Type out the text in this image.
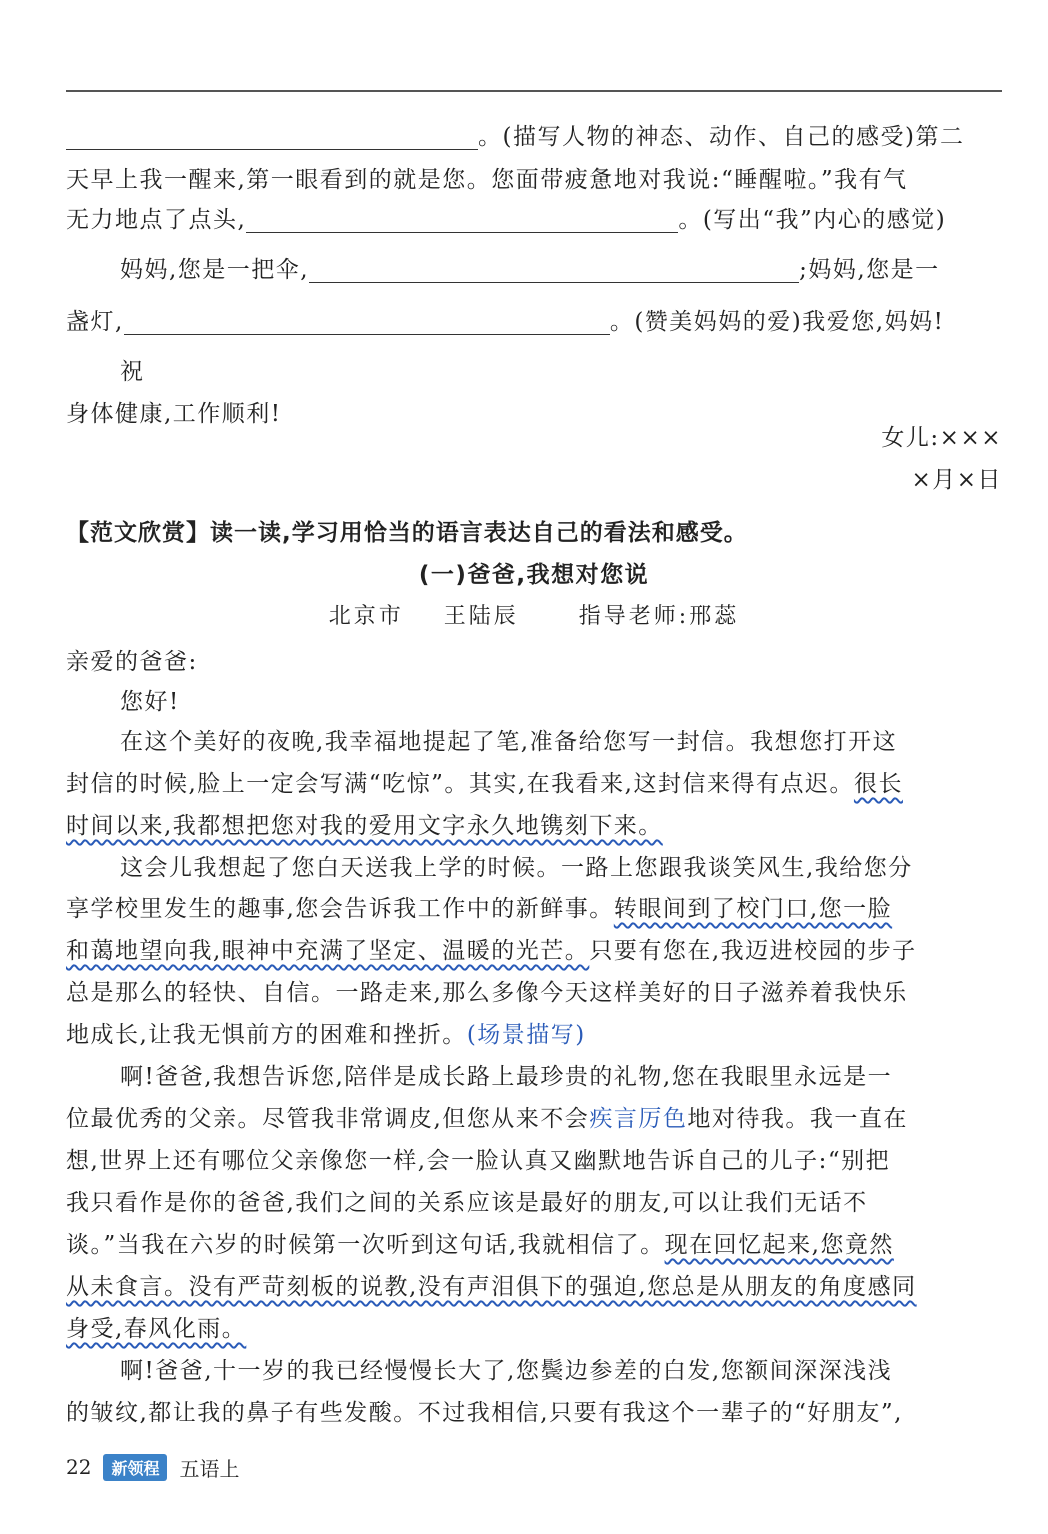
。(描写人物的神态、动作、自己的感受)第二
天早上我一醒来,第一眼看到的就是您。您面带疲惫地对我说:“睡醒啦。”我有气
无力地点了点头,	。(写出“我”内心的感觉)
妈妈,您是一把伞,	;妈妈,您是一
盏灯,	。(赞美妈妈的爱)我爱您,妈妈!
祝
身体健康,工作顺利!
女儿:×××
×月×日
【范文欣赏】读一读,学习用恰当的语言表达自己的看法和感受。
(一)爸爸,我想对您说
北京市 王陆辰	指导老师:邢蕊
亲爱的爸爸:
您好!
在这个美好的夜晚,我幸福地提起了笔,准备给您写一封信。我想您打开这
封信的时候,脸上一定会写满“吃惊”。其实,在我看来,这封信来得有点迟。很长
时间以来,我都想把您对我的爱用文字永久地镌刻下来。
这会儿我想起了您白天送我上学的时候。一路上您跟我谈笑风生,我给您分
享学校里发生的趣事,您会告诉我工作中的新鲜事。转眼间到了校门口,您一脸
和蔼地望向我,眼神中充满了坚定、温暖的光芒。只要有您在,我迈进校园的步子
总是那么的轻快、自信。一路走来,那么多像今天这样美好的日子滋养着我快乐
地成长,让我无惧前方的困难和挫折。(场景描写)
啊!爸爸,我想告诉您,陪伴是成长路上最珍贵的礼物,您在我眼里永远是一
位最优秀的父亲。尽管我非常调皮,但您从来不会疾言厉色地对待我。我一直在
想,世界上还有哪位父亲像您一样,会一脸认真又幽默地告诉自己的儿子:“别把
我只看作是你的爸爸,我们之间的关系应该是最好的朋友,可以让我们无话不
谈。”当我在六岁的时候第一次听到这句话,我就相信了。现在回忆起来,您竟然
从未食言。没有严苛刻板的说教,没有声泪俱下的强迫,您总是从朋友的角度感同
身受,春风化雨。
啊!爸爸,十一岁的我已经慢慢长大了,您鬓边参差的白发,您额间深深浅浅
的皱纹,都让我的鼻子有些发酸。不过我相信,只要有我这个一辈子的“好朋友”,
22	新领程	五语上
